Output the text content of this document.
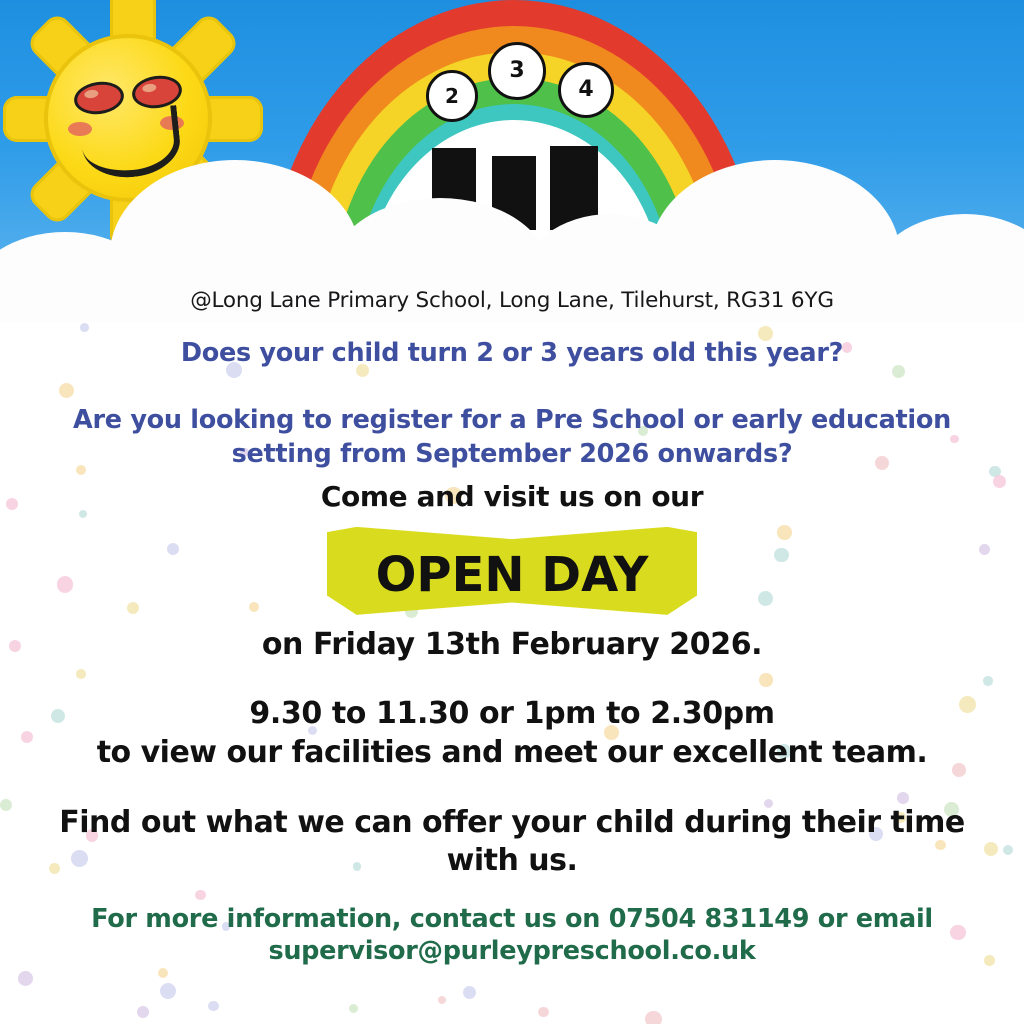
2
3
4
@Long Lane Primary School, Long Lane, Tilehurst, RG31 6YG
Does your child turn 2 or 3 years old this year?
Are you looking to register for a Pre School or early education setting from September 2026 onwards?
Come and visit us on our
OPEN DAY
on Friday 13th February 2026.
9.30 to 11.30 or 1pm to 2.30pm
to view our facilities and meet our excellent team.
Find out what we can offer your child during their time with us.
For more information, contact us on 07504 831149 or email supervisor@purleypreschool.co.uk
